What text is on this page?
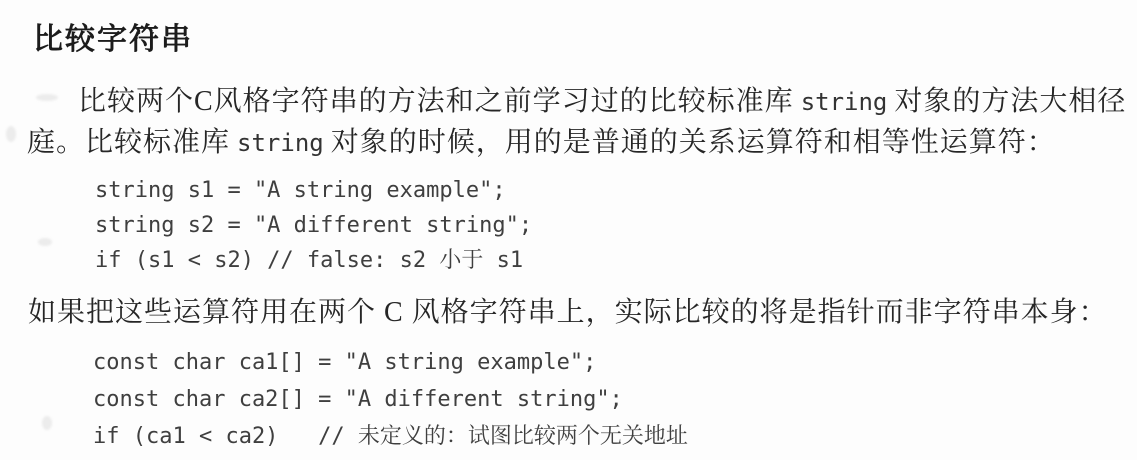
比较字符串
比较两个C风格字符串的方法和之前学习过的比较标准库 string 对象的方法大相径
庭。比较标准库 string 对象的时候，用的是普通的关系运算符和相等性运算符：
string s1 = "A string example";
string s2 = "A different string";
if (s1 < s2) // false: s2 小于 s1
如果把这些运算符用在两个 C 风格字符串上，实际比较的将是指针而非字符串本身：
const char ca1[] = "A string example";
const char ca2[] = "A different string";
if (ca1 < ca2)   // 未定义的：试图比较两个无关地址
